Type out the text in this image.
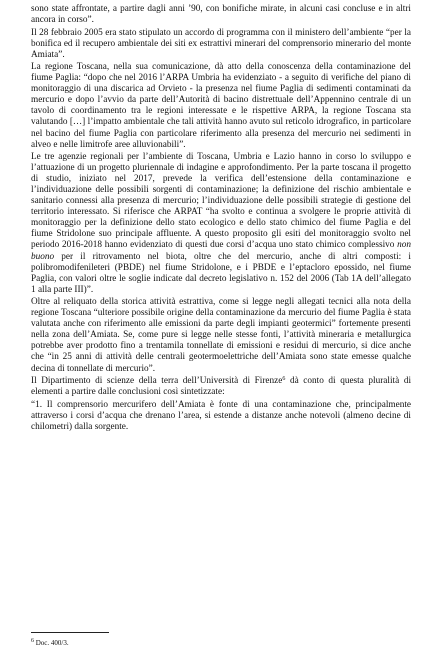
sono state affrontate, a partire dagli anni ’90, con bonifiche mirate, in alcuni casi concluse e in altri ancora in corso”.

Il 28 febbraio 2005 era stato stipulato un accordo di programma con il ministero dell’ambiente “per la bonifica ed il recupero ambientale dei siti ex estrattivi minerari del comprensorio minerario del monte Amiata”.

La regione Toscana, nella sua comunicazione, dà atto della conoscenza della contaminazione del fiume Paglia: “dopo che nel 2016 l’ARPA Umbria ha evidenziato - a seguito di verifiche del piano di monitoraggio di una discarica ad Orvieto - la presenza nel fiume Paglia di sedimenti contaminati da mercurio e dopo l’avvio da parte dell’Autorità di bacino distrettuale dell’Appennino centrale di un tavolo di coordinamento tra le regioni interessate e le rispettive ARPA, la regione Toscana sta valutando […] l’impatto ambientale che tali attività hanno avuto sul reticolo idrografico, in particolare nel bacino del fiume Paglia con particolare riferimento alla presenza del mercurio nei sedimenti in alveo e nelle limitrofe aree alluvionabili”.

Le tre agenzie regionali per l’ambiente di Toscana, Umbria e Lazio hanno in corso lo sviluppo e l’attuazione di un progetto pluriennale di indagine e approfondimento. Per la parte toscana il progetto di studio, iniziato nel 2017, prevede la verifica dell’estensione della contaminazione e l’individuazione delle possibili sorgenti di contaminazione; la definizione del rischio ambientale e sanitario connessi alla presenza di mercurio; l’individuazione delle possibili strategie di gestione del territorio interessato. Si riferisce che ARPAT “ha svolto e continua a svolgere le proprie attività di monitoraggio per la definizione dello stato ecologico e dello stato chimico del fiume Paglia e del fiume Stridolone suo principale affluente. A questo proposito gli esiti del monitoraggio svolto nel periodo 2016-2018 hanno evidenziato di questi due corsi d’acqua uno stato chimico complessivo non buono per il ritrovamento nel biota, oltre che del mercurio, anche di altri composti: i polibromodifenileteri (PBDE) nel fiume Stridolone, e i PBDE e l’eptacloro epossido, nel fiume Paglia, con valori oltre le soglie indicate dal decreto legislativo n. 152 del 2006 (Tab 1A dell’allegato 1 alla parte III)”.

Oltre al reliquato della storica attività estrattiva, come si legge negli allegati tecnici alla nota della regione Toscana “ulteriore possibile origine della contaminazione da mercurio del fiume Paglia è stata valutata anche con riferimento alle emissioni da parte degli impianti geotermici” fortemente presenti nella zona dell’Amiata. Se, come pure si legge nelle stesse fonti, l’attività mineraria e metallurgica potrebbe aver prodotto fino a trentamila tonnellate di emissioni e residui di mercurio, si dice anche che “in 25 anni di attività delle centrali geotermoelettriche dell’Amiata sono state emesse qualche decina di tonnellate di mercurio”.

Il Dipartimento di scienze della terra dell’Università di Firenze$^6$ dà conto di questa pluralità di elementi a partire dalle conclusioni così sintetizzate:

“1. Il comprensorio mercurifero dell’Amiata è fonte di una contaminazione che, principalmente attraverso i corsi d’acqua che drenano l’area, si estende a distanze anche notevoli (almeno decine di chilometri) dalla sorgente.

$^6$ Doc. 400/3.
